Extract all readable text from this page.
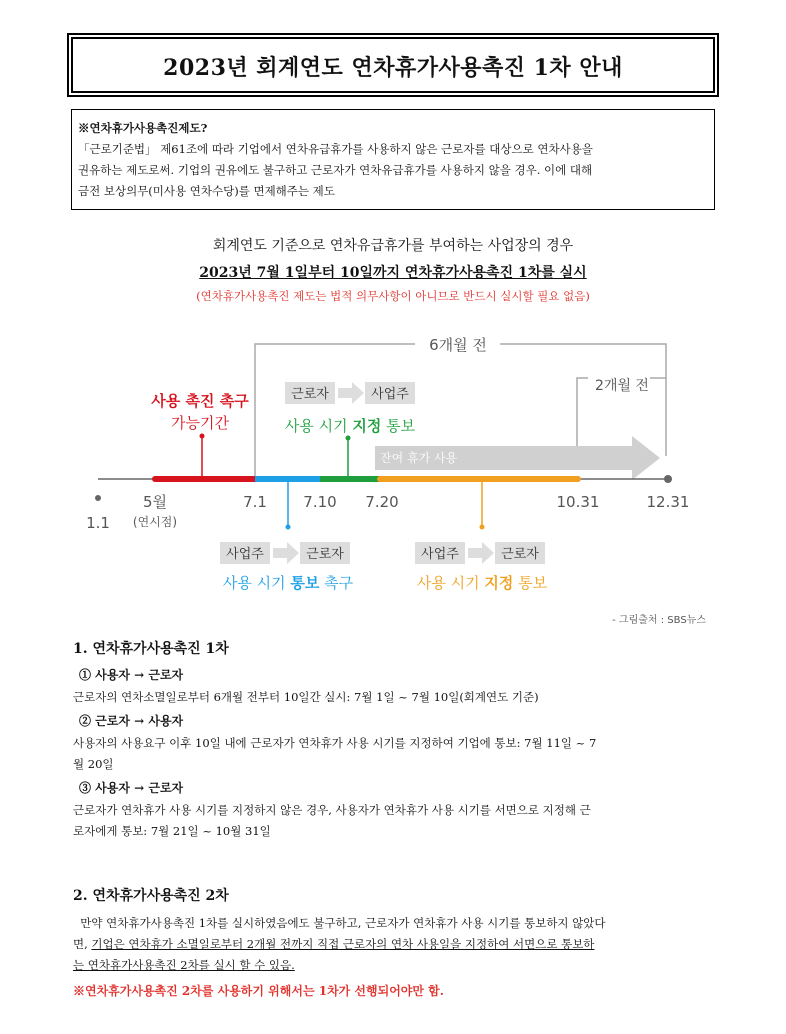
2023년 회계연도 연차휴가사용촉진 1차 안내
※연차휴가사용촉진제도?
「근로기준법」 제61조에 따라 기업에서 연차유급휴가를 사용하지 않은 근로자를 대상으로 연차사용을
권유하는 제도로써. 기업의 권유에도 불구하고 근로자가 연차유급휴가를 사용하지 않을 경우. 이에 대해
금전 보상의무(미사용 연차수당)를 면제해주는 제도
회계연도 기준으로 연차유급휴가를 부여하는 사업장의 경우
2023년 7월 1일부터 10일까지 연차휴가사용촉진 1차를 실시
(연차휴가사용촉진 제도는 법적 의무사항이 아니므로 반드시 실시할 필요 없음)
6개월 전
2개월 전
사용 촉진 촉구
가능기간
근로자	사업주
사용 시기 지정 통보
잔여 휴가 사용
1.1
5월
(연시점)
7.1 7.10 7.20	10.31	12.31
사업주	근로자
사용 시기 통보 촉구
사업주	근로자
사용 시기 지정 통보
- 그림출처 : SBS뉴스
1. 연차휴가사용촉진 1차
① 사용자 → 근로자
근로자의 연차소멸일로부터 6개월 전부터 10일간 실시: 7월 1일 ~ 7월 10일(회계연도 기준)
② 근로자 → 사용자
사용자의 사용요구 이후 10일 내에 근로자가 연차휴가 사용 시기를 지정하여 기업에 통보: 7월 11일 ~ 7
월 20일
③ 사용자 → 근로자
근로자가 연차휴가 사용 시기를 지정하지 않은 경우, 사용자가 연차휴가 사용 시기를 서면으로 지정해 근
로자에게 통보: 7월 21일 ~ 10월 31일
2. 연차휴가사용촉진 2차
만약 연차휴가사용촉진 1차를 실시하였음에도 불구하고, 근로자가 연차휴가 사용 시기를 통보하지 않았다
면, 기업은 연차휴가 소멸일로부터 2개월 전까지 직접 근로자의 연차 사용일을 지정하여 서면으로 통보하
는 연차휴가사용촉진 2차를 실시 할 수 있음.
※연차휴가사용촉진 2차를 사용하기 위해서는 1차가 선행되어야만 함.
